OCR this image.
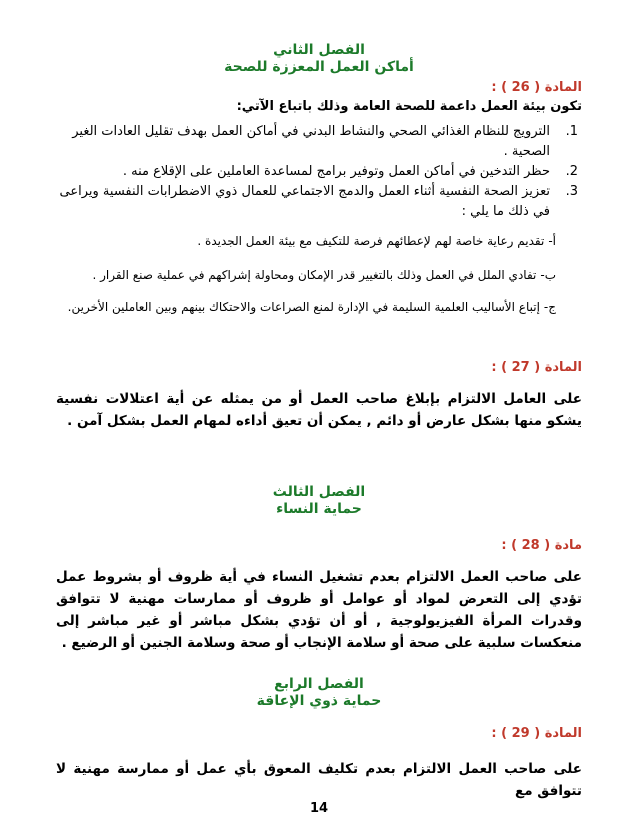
الفصل الثاني
أماكن العمل المعززة للصحة
المادة ( 26 ) :
تكون بيئة العمل داعمة للصحة العامة وذلك باتباع الآتي:
1.
الترويج للنظام الغذائي الصحي والنشاط البدني في أماكن العمل بهدف تقليل العادات الغير الصحية .
2.
حظر التدخين في أماكن العمل وتوفير برامج لمساعدة العاملين على الإقلاع منه .
3.
تعزيز الصحة النفسية أثناء العمل والدمج الاجتماعي للعمال ذوي الاضطرابات النفسية ويراعى في ذلك ما يلي :
أ-
تقديم رعاية خاصة لهم لإعطائهم فرصة للتكيف مع بيئة العمل الجديدة .
ب-
تفادي الملل في العمل وذلك بالتغيير قدر الإمكان ومحاولة إشراكهم في عملية صنع القرار .
ج-
إتباع الأساليب العلمية السليمة في الإدارة لمنع الصراعات والاحتكاك بينهم وبين العاملين الأخرين.
المادة ( 27 ) :
على العامل الالتزام بإبلاغ صاحب العمل أو من يمثله عن أية اعتلالات نفسية يشكو منها بشكل عارض أو دائم , يمكن أن تعيق أداءه لمهام العمل بشكل آمن .
الفصل الثالث
حماية النساء
مادة ( 28 ) :
على صاحب العمل الالتزام بعدم تشغيل النساء في أية ظروف أو بشروط عمل تؤدي إلى التعرض لمواد أو عوامل أو ظروف أو ممارسات مهنية لا تتوافق وقدرات المرأة الفيزيولوجية , أو أن تؤدي بشكل مباشر أو غير مباشر إلى منعكسات سلبية على صحة أو سلامة الإنجاب أو صحة وسلامة الجنين أو الرضيع .
الفصل الرابع
حماية ذوي الإعاقة
المادة ( 29 ) :
على صاحب العمل الالتزام بعدم تكليف المعوق بأي عمل أو ممارسة مهنية لا تتوافق مع
14
